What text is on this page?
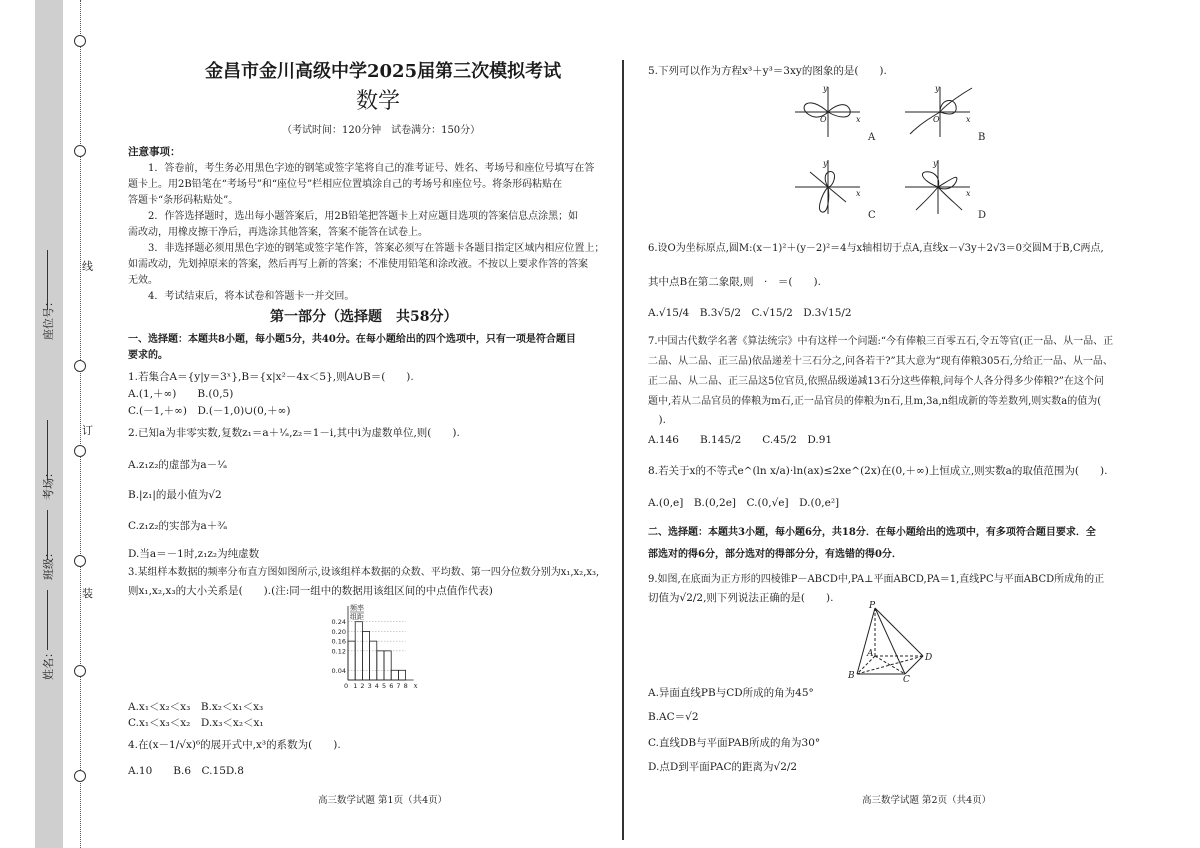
座位号：
考场：
班级：
姓名：
线
订
装
金昌市金川高级中学2025届第三次模拟考试
数学
（考试时间：120分钟　试卷满分：150分）
注意事项：
1．答卷前，考生务必用黑色字迹的钢笔或签字笔将自己的准考证号、姓名、考场号和座位号填写在答
题卡上。用2B铅笔在“考场号”和“座位号”栏相应位置填涂自己的考场号和座位号。将条形码粘贴在
答题卡“条形码粘贴处”。
2．作答选择题时，选出每小题答案后，用2B铅笔把答题卡上对应题目选项的答案信息点涂黑；如
需改动，用橡皮擦干净后，再选涂其他答案，答案不能答在试卷上。
3．非选择题必须用黑色字迹的钢笔或签字笔作答，答案必须写在答题卡各题目指定区域内相应位置上；
如需改动，先划掉原来的答案，然后再写上新的答案；不准使用铅笔和涂改液。不按以上要求作答的答案
无效。
4．考试结束后，将本试卷和答题卡一并交回。
第一部分（选择题　共58分）
一、选择题：本题共8小题，每小题5分，共40分。在每小题给出的四个选项中，只有一项是符合题目
要求的。
1.若集合A＝{y|y＝3ˣ},B＝{x|x²－4x＜5},则A∪B＝(　　).
A.(1,＋∞)　　B.(0,5)
C.(－1,＋∞)　D.(－1,0)∪(0,＋∞)
2.已知a为非零实数,复数z₁＝a＋¹⁄ₐ,z₂＝1－i,其中i为虚数单位,则(　　).
A.z₁z₂的虚部为a－¹⁄ₐ
B.|z₁|的最小值为√2
C.z₁z₂的实部为a＋³⁄ₐ
D.当a＝－1时,z₁z₂为纯虚数
3.某组样本数据的频率分布直方图如图所示,设该组样本数据的众数、平均数、第一四分位数分别为x₁,x₂,x₃,
则x₁,x₂,x₃的大小关系是(　　).(注:同一组中的数据用该组区间的中点值作代表)
0.24
0.20
0.16
0.12
0.04
0 1 2 3 4 5 6 7 8 x
频率
组距
A.x₁＜x₂＜x₃　B.x₂＜x₁＜x₃
C.x₁＜x₃＜x₂　D.x₃＜x₂＜x₁
4.在(x－1/√x)⁶的展开式中,x³的系数为(　　).
A.10　　B.6　C.15D.8
高三数学试题 第1页（共4页）
5.下列可以作为方程x³＋y³＝3xy的图象的是(　　).
y
x
O
y
x
O
y
x
y
x
A	B
C	D
6.设O为坐标原点,圆M:(x－1)²＋(y－2)²＝4与x轴相切于点A,直线x－√3y＋2√3＝0交圆M于B,C两点,
其中点B在第二象限,则　·　＝(　　).
A.√15/4　B.3√5/2　C.√15/2　D.3√15/2
7.中国古代数学名著《算法统宗》中有这样一个问题:“今有俸粮三百零五石,令五等官(正一品、从一品、正
二品、从二品、正三品)依品递差十三石分之,问各若干?”其大意为“现有俸粮305石,分给正一品、从一品、
正二品、从二品、正三品这5位官员,依照品级递减13石分这些俸粮,问每个人各分得多少俸粮?”在这个问
题中,若从二品官员的俸粮为m石,正一品官员的俸粮为n石,且m,3a,n组成新的等差数列,则实数a的值为(
　).
A.146　　B.145/2　　C.45/2　D.91
8.若关于x的不等式e^(ln x/a)·ln(ax)≤2xe^(2x)在(0,＋∞)上恒成立,则实数a的取值范围为(　　).
A.(0,e]　B.(0,2e]　C.(0,√e]　D.(0,e²]
二、选择题：本题共3小题，每小题6分，共18分．在每小题给出的选项中，有多项符合题目要求．全
部选对的得6分，部分选对的得部分分，有选错的得0分．
9.如图,在底面为正方形的四棱锥P－ABCD中,PA⊥平面ABCD,PA＝1,直线PC与平面ABCD所成角的正
切值为√2/2,则下列说法正确的是(　　).
P
A
B	C
D
A.异面直线PB与CD所成的角为45°
B.AC＝√2
C.直线DB与平面PAB所成的角为30°
D.点D到平面PAC的距离为√2/2
高三数学试题 第2页（共4页）
